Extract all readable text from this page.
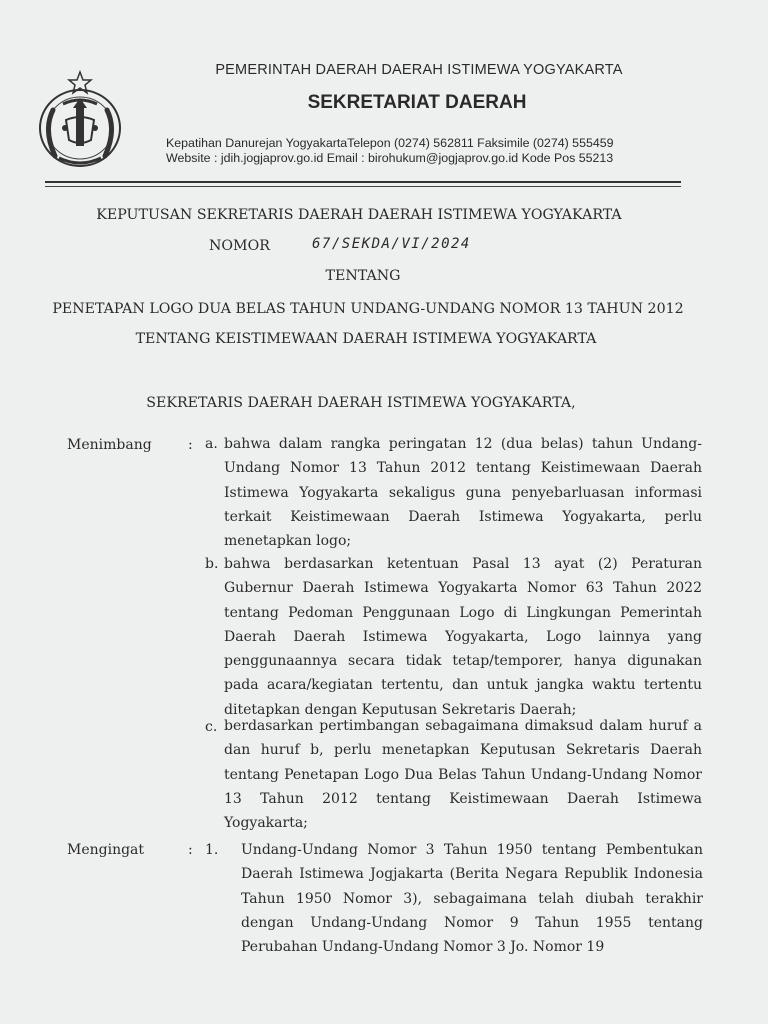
PEMERINTAH DAERAH DAERAH ISTIMEWA YOGYAKARTA
SEKRETARIAT DAERAH
Kepatihan Danurejan YogyakartaTelepon (0274) 562811 Faksimile (0274) 555459
Website : jdih.jogjaprov.go.id Email : birohukum@jogjaprov.go.id Kode Pos 55213
KEPUTUSAN SEKRETARIS DAERAH DAERAH ISTIMEWA YOGYAKARTA
NOMOR	67/SEKDA/VI/2024
TENTANG
PENETAPAN LOGO DUA BELAS TAHUN UNDANG-UNDANG NOMOR 13 TAHUN 2012
TENTANG KEISTIMEWAAN DAERAH ISTIMEWA YOGYAKARTA
SEKRETARIS DAERAH DAERAH ISTIMEWA YOGYAKARTA,
Menimbang	: a. bahwa dalam rangka peringatan 12 (dua belas) tahun Undang-Undang Nomor 13 Tahun 2012 tentang Keistimewaan Daerah Istimewa Yogyakarta sekaligus guna penyebarluasan informasi terkait Keistimewaan Daerah Istimewa Yogyakarta, perlu menetapkan logo;
b. bahwa berdasarkan ketentuan Pasal 13 ayat (2) Peraturan Gubernur Daerah Istimewa Yogyakarta Nomor 63 Tahun 2022 tentang Pedoman Penggunaan Logo di Lingkungan Pemerintah Daerah Daerah Istimewa Yogyakarta, Logo lainnya yang penggunaannya secara tidak tetap/temporer, hanya digunakan pada acara/kegiatan tertentu, dan untuk jangka waktu tertentu ditetapkan dengan Keputusan Sekretaris Daerah;
c. berdasarkan pertimbangan sebagaimana dimaksud dalam huruf a dan huruf b, perlu menetapkan Keputusan Sekretaris Daerah tentang Penetapan Logo Dua Belas Tahun Undang-Undang Nomor 13 Tahun 2012 tentang Keistimewaan Daerah Istimewa Yogyakarta;
Mengingat	: 1. Undang-Undang Nomor 3 Tahun 1950 tentang Pembentukan Daerah Istimewa Jogjakarta (Berita Negara Republik Indonesia Tahun 1950 Nomor 3), sebagaimana telah diubah terakhir dengan Undang-Undang Nomor 9 Tahun 1955 tentang Perubahan Undang-Undang Nomor 3 Jo. Nomor 19
